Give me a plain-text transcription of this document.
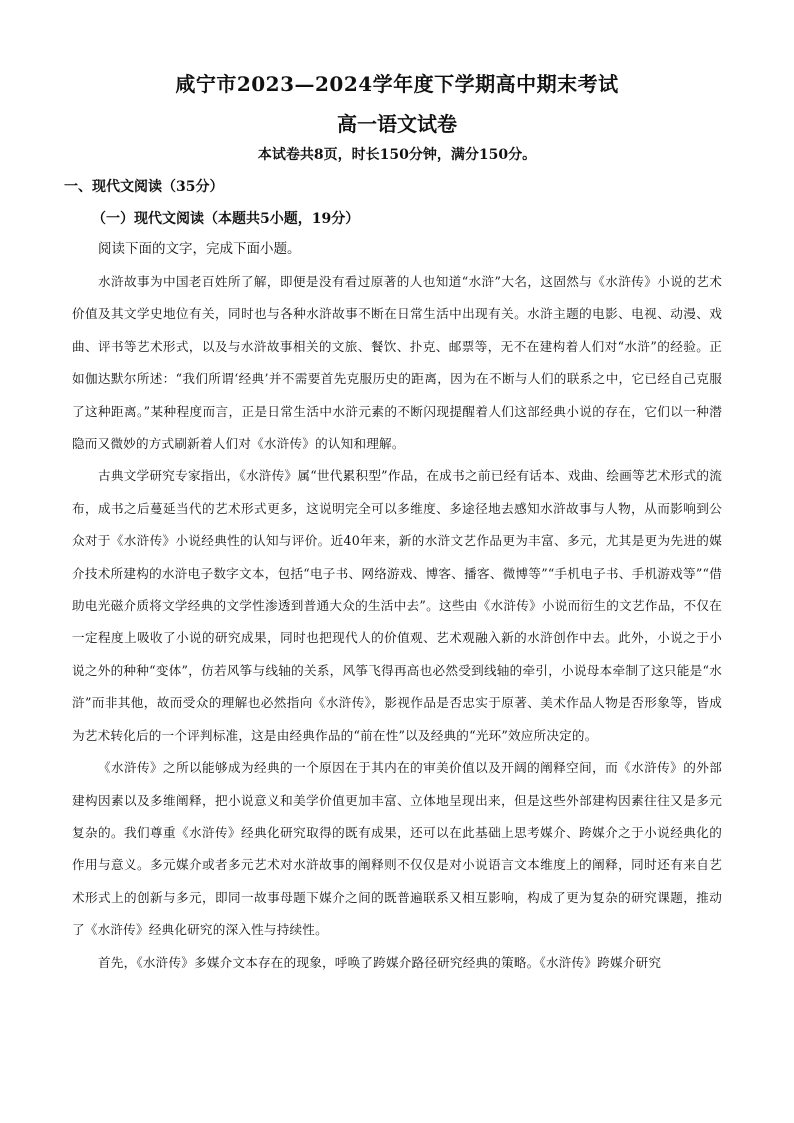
咸宁市2023—2024学年度下学期高中期末考试
高一语文试卷
本试卷共8页，时长150分钟，满分150分。
一、现代文阅读（35分）
（一）现代文阅读（本题共5小题，19分）
阅读下面的文字，完成下面小题。

水浒故事为中国老百姓所了解，即便是没有看过原著的人也知道“水浒”大名，这固然与《水浒传》小说的艺术价值及其文学史地位有关，同时也与各种水浒故事不断在日常生活中出现有关。水浒主题的电影、电视、动漫、戏曲、评书等艺术形式，以及与水浒故事相关的文旅、餐饮、扑克、邮票等，无不在建构着人们对“水浒”的经验。正如伽达默尔所述：“我们所谓‘经典’并不需要首先克服历史的距离，因为在不断与人们的联系之中，它已经自己克服了这种距离。”某种程度而言，正是日常生活中水浒元素的不断闪现提醒着人们这部经典小说的存在，它们以一种潜隐而又微妙的方式刷新着人们对《水浒传》的认知和理解。

古典文学研究专家指出，《水浒传》属“世代累积型”作品，在成书之前已经有话本、戏曲、绘画等艺术形式的流布，成书之后蔓延当代的艺术形式更多，这说明完全可以多维度、多途径地去感知水浒故事与人物，从而影响到公众对于《水浒传》小说经典性的认知与评价。近40年来，新的水浒文艺作品更为丰富、多元，尤其是更为先进的媒介技术所建构的水浒电子数字文本，包括“电子书、网络游戏、博客、播客、微博等”“手机电子书、手机游戏等”“借助电光磁介质将文学经典的文学性渗透到普通大众的生活中去”。这些由《水浒传》小说而衍生的文艺作品，不仅在一定程度上吸收了小说的研究成果，同时也把现代人的价值观、艺术观融入新的水浒创作中去。此外，小说之于小说之外的种种“变体”，仿若风筝与线轴的关系，风筝飞得再高也必然受到线轴的牵引，小说母本牵制了这只能是“水浒”而非其他，故而受众的理解也必然指向《水浒传》，影视作品是否忠实于原著、美术作品人物是否形象等，皆成为艺术转化后的一个评判标准，这是由经典作品的“前在性”以及经典的“光环”效应所决定的。

《水浒传》之所以能够成为经典的一个原因在于其内在的审美价值以及开阔的阐释空间，而《水浒传》的外部建构因素以及多维阐释，把小说意义和美学价值更加丰富、立体地呈现出来，但是这些外部建构因素往往又是多元复杂的。我们尊重《水浒传》经典化研究取得的既有成果，还可以在此基础上思考媒介、跨媒介之于小说经典化的作用与意义。多元媒介或者多元艺术对水浒故事的阐释则不仅仅是对小说语言文本维度上的阐释，同时还有来自艺术形式上的创新与多元，即同一故事母题下媒介之间的既普遍联系又相互影响，构成了更为复杂的研究课题，推动了《水浒传》经典化研究的深入性与持续性。

首先，《水浒传》多媒介文本存在的现象，呼唤了跨媒介路径研究经典的策略。《水浒传》跨媒介研究
